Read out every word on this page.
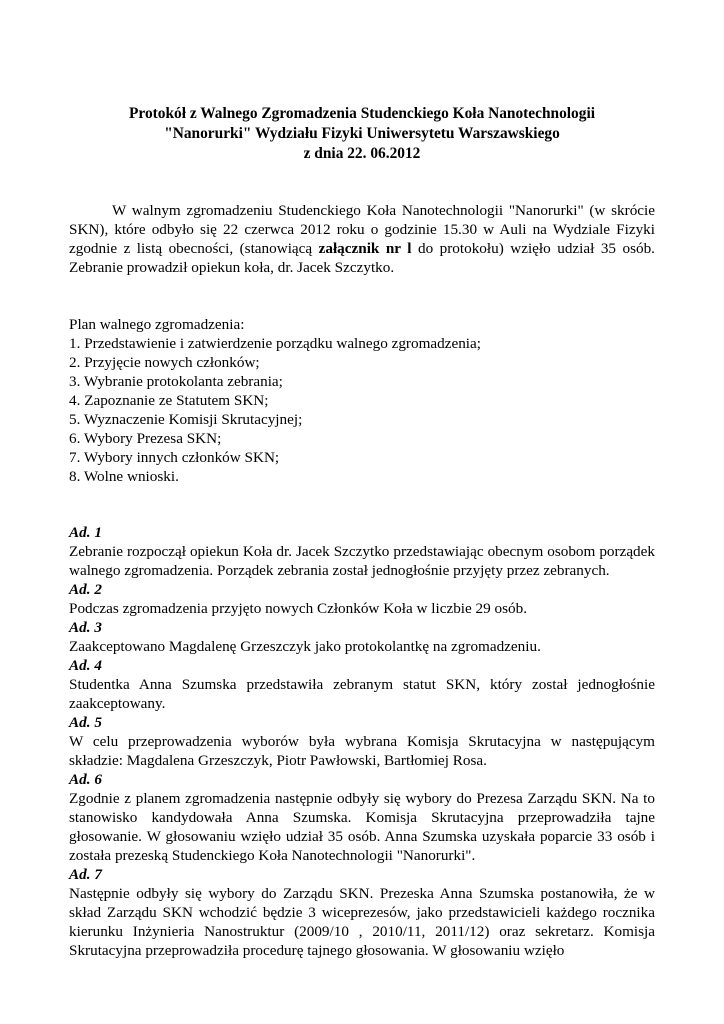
Protokół z Walnego Zgromadzenia Studenckiego Koła Nanotechnologii
"Nanorurki" Wydziału Fizyki Uniwersytetu Warszawskiego
z dnia 22. 06.2012

W walnym zgromadzeniu Studenckiego Koła Nanotechnologii "Nanorurki" (w skrócie SKN), które odbyło się 22 czerwca 2012 roku o godzinie 15.30 w Auli na Wydziale Fizyki zgodnie z listą obecności, (stanowiącą załącznik nr l do protokołu) wzięło udział 35 osób. Zebranie prowadził opiekun koła, dr. Jacek Szczytko.

Plan walnego zgromadzenia:
1. Przedstawienie i zatwierdzenie porządku walnego zgromadzenia;
2. Przyjęcie nowych członków;
3. Wybranie protokolanta zebrania;
4. Zapoznanie ze Statutem SKN;
5. Wyznaczenie Komisji Skrutacyjnej;
6. Wybory Prezesa SKN;
7. Wybory innych członków SKN;
8. Wolne wnioski.
Ad. 1

Zebranie rozpoczął opiekun Koła dr. Jacek Szczytko przedstawiając obecnym osobom porządek walnego zgromadzenia. Porządek zebrania został jednogłośnie przyjęty przez zebranych.

Ad. 2

Podczas zgromadzenia przyjęto nowych Członków Koła w liczbie 29 osób.

Ad. 3

Zaakceptowano Magdalenę Grzeszczyk jako protokolantkę na zgromadzeniu.

Ad. 4

Studentka Anna Szumska przedstawiła zebranym statut SKN, który został jednogłośnie zaakceptowany.

Ad. 5

W celu przeprowadzenia wyborów była wybrana Komisja Skrutacyjna w następującym składzie: Magdalena Grzeszczyk, Piotr Pawłowski, Bartłomiej Rosa.

Ad. 6

Zgodnie z planem zgromadzenia następnie odbyły się wybory do Prezesa Zarządu SKN. Na to stanowisko kandydowała Anna Szumska. Komisja Skrutacyjna przeprowadziła tajne głosowanie. W głosowaniu wzięło udział 35 osób. Anna Szumska uzyskała poparcie 33 osób i została prezeską Studenckiego Koła Nanotechnologii "Nanorurki".

Ad. 7

Następnie odbyły się wybory do Zarządu SKN. Prezeska Anna Szumska postanowiła, że w skład Zarządu SKN wchodzić będzie 3 wiceprezesów, jako przedstawicieli każdego rocznika kierunku Inżynieria Nanostruktur (2009/10 , 2010/11, 2011/12) oraz sekretarz. Komisja Skrutacyjna przeprowadziła procedurę tajnego głosowania. W głosowaniu wzięło
